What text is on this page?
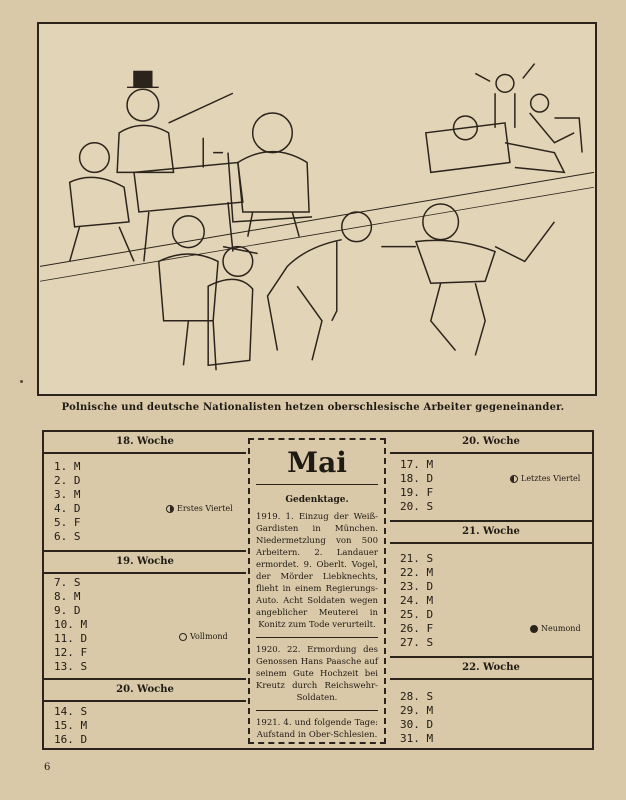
Polnische und deutsche Nationalisten hetzen oberschlesische Arbeiter gegeneinander.
18. Woche
1. M
2. D
3. M
4. D
5. F
6. S
Erstes Viertel
19. Woche
7. S
8. M
9. D
10. M
11. D
12. F
13. S
Vollmond
20. Woche
14. S
15. M
16. D
Mai
Gedenktage.
1919. 1. Einzug der Weiß-Gardisten in München. Niedermetzlung von 500 Arbeitern. 2. Landauer ermordet. 9. Oberlt. Vogel, der Mörder Liebknechts, flieht in einem Regierungs-Auto. Acht Soldaten wegen angeblicher Meuterei in Konitz zum Tode verurteilt.
1920. 22. Ermordung des Genossen Hans Paasche auf seinem Gute Hochzeit bei Kreutz durch Reichswehr-Soldaten.
1921. 4. und folgende Tage: Aufstand in Ober-Schlesien.
20. Woche
17. M
18. D
19. F
20. S
Letztes Viertel
21. Woche
21. S
22. M
23. D
24. M
25. D
26. F
27. S
Neumond
22. Woche
28. S
29. M
30. D
31. M
6
